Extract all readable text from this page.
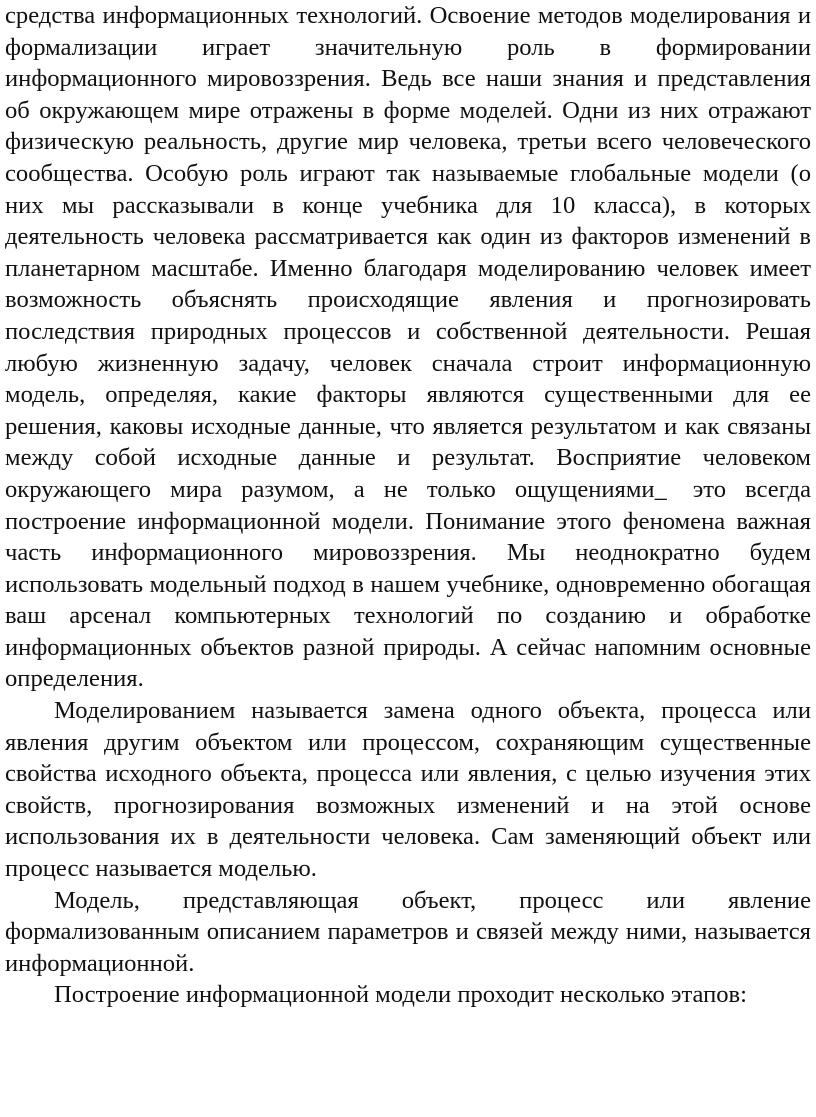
средства информационных технологий. Освоение методов моделирования и формализации играет значительную роль в формировании информационного мировоззрения. Ведь все наши знания и представления об окружающем мире отражены в форме моделей. Одни из них отражают физическую реальность, другие мир человека, третьи всего человеческого сообщества. Особую роль играют так называемые глобальные модели (о них мы рассказывали в конце учебника для 10 класса), в которых деятельность человека рассматривается как один из факторов изменений в планетарном масштабе. Именно благодаря моделированию человек имеет возможность объяснять происходящие явления и прогнозировать последствия природных процессов и собственной деятельности. Решая любую жизненную задачу, человек сначала строит информационную модель, определяя, какие факторы являются существенными для ее решения, каковы исходные данные, что является результатом и как связаны между собой исходные данные и результат. Восприятие человеком окружающего мира разумом, а не только ощущениями ̲ это всегда построение информационной модели. Понимание этого феномена важная часть информационного мировоззрения. Мы неоднократно будем использовать модельный подход в нашем учебнике, одновременно обогащая ваш арсенал компьютерных технологий по созданию и обработке информационных объектов разной природы. А сейчас напомним основные определения.

Моделированием называется замена одного объекта, процесса или явления другим объектом или процессом, сохраняющим существенные свойства исходного объекта, процесса или явления, с целью изучения этих свойств, прогнозирования возможных изменений и на этой основе использования их в деятельности человека. Сам заменяющий объект или процесс называется моделью.

Модель, представляющая объект, процесс или явление формализованным описанием параметров и связей между ними, называется информационной.

Построение информационной модели проходит несколько этапов:
